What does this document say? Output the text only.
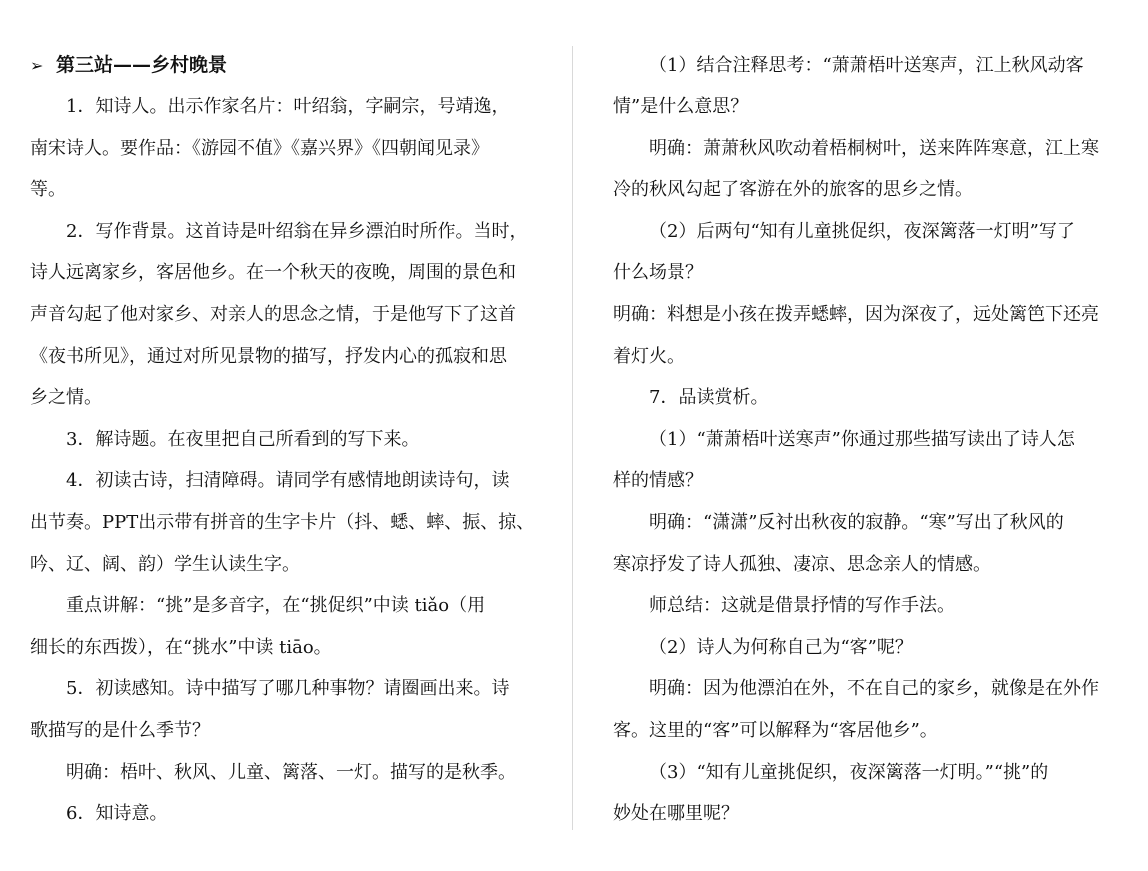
➢ 第三站——乡村晚景
1．知诗人。出示作家名片：叶绍翁，字嗣宗，号靖逸，
南宋诗人。要作品：《游园不值》《嘉兴界》《四朝闻见录》
等。
2．写作背景。这首诗是叶绍翁在异乡漂泊时所作。当时，
诗人远离家乡，客居他乡。在一个秋天的夜晚，周围的景色和
声音勾起了他对家乡、对亲人的思念之情，于是他写下了这首
《夜书所见》，通过对所见景物的描写，抒发内心的孤寂和思
乡之情。
3．解诗题。在夜里把自己所看到的写下来。
4．初读古诗，扫清障碍。请同学有感情地朗读诗句，读
出节奏。PPT出示带有拼音的生字卡片（抖、蟋、蟀、振、掠、
吟、辽、阔、韵）学生认读生字。
重点讲解：“挑”是多音字，在“挑促织”中读 tiǎo（用
细长的东西拨），在“挑水”中读 tiāo。
5．初读感知。诗中描写了哪几种事物？请圈画出来。诗
歌描写的是什么季节？
明确：梧叶、秋风、儿童、篱落、一灯。描写的是秋季。
6．知诗意。
（1）结合注释思考：“萧萧梧叶送寒声，江上秋风动客
情”是什么意思？
明确：萧萧秋风吹动着梧桐树叶，送来阵阵寒意，江上寒
冷的秋风勾起了客游在外的旅客的思乡之情。
（2）后两句“知有儿童挑促织，夜深篱落一灯明”写了
什么场景？
明确：料想是小孩在拨弄蟋蟀，因为深夜了，远处篱笆下还亮
着灯火。
7．品读赏析。
（1）“萧萧梧叶送寒声”你通过那些描写读出了诗人怎
样的情感？
明确：“潇潇”反衬出秋夜的寂静。“寒”写出了秋风的
寒凉抒发了诗人孤独、凄凉、思念亲人的情感。
师总结：这就是借景抒情的写作手法。
（2）诗人为何称自己为“客”呢？
明确：因为他漂泊在外，不在自己的家乡，就像是在外作
客。这里的“客”可以解释为“客居他乡”。
（3）“知有儿童挑促织，夜深篱落一灯明。”“挑”的
妙处在哪里呢？
